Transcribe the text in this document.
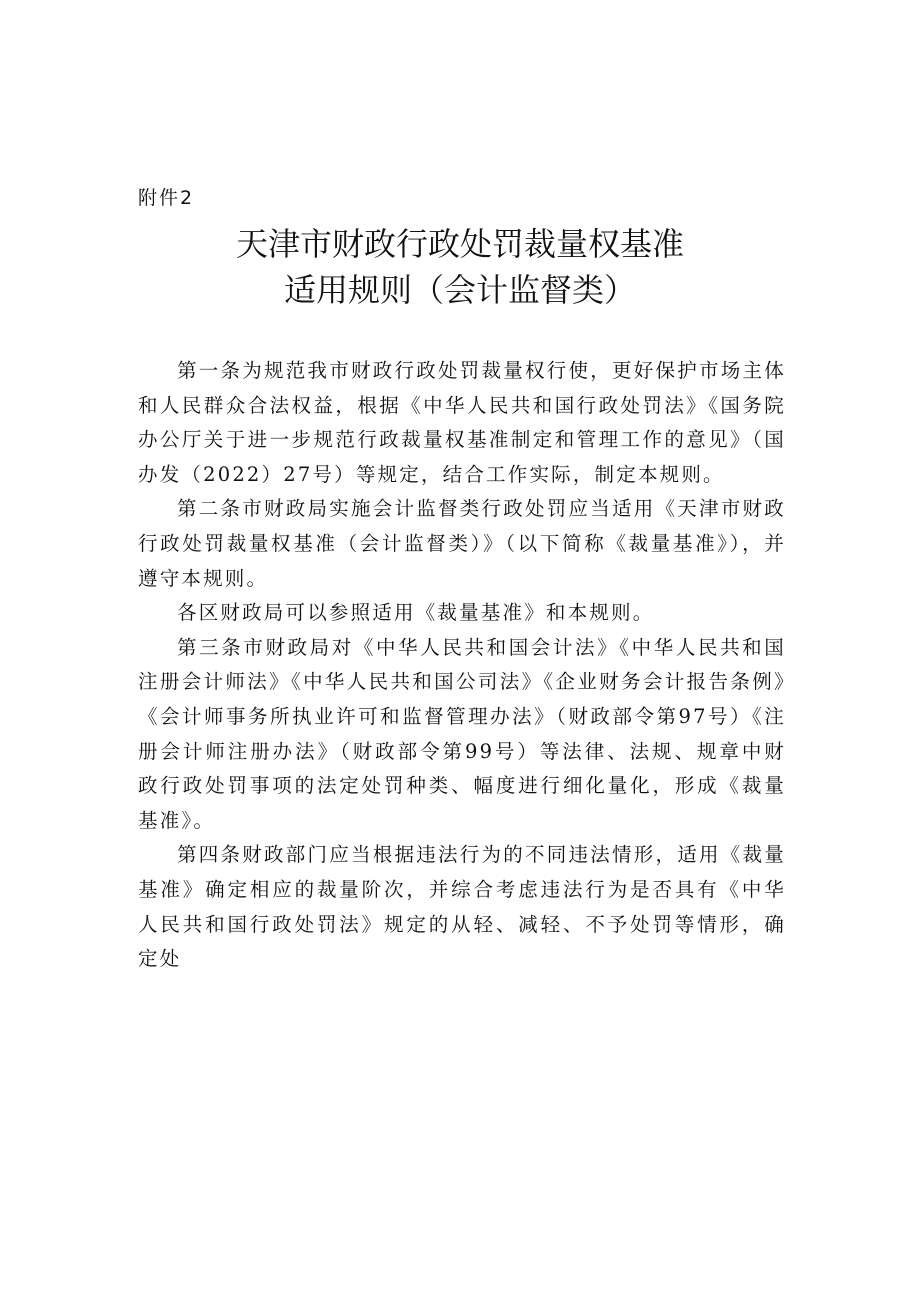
附件2
天津市财政行政处罚裁量权基准
适用规则（会计监督类）

第一条为规范我市财政行政处罚裁量权行使，更好保护市场主体和人民群众合法权益，根据《中华人民共和国行政处罚法》《国务院办公厅关于进一步规范行政裁量权基准制定和管理工作的意见》（国办发（2022）27号）等规定，结合工作实际，制定本规则。

第二条市财政局实施会计监督类行政处罚应当适用《天津市财政行政处罚裁量权基准（会计监督类）》（以下简称《裁量基准》），并遵守本规则。

各区财政局可以参照适用《裁量基准》和本规则。

第三条市财政局对《中华人民共和国会计法》《中华人民共和国注册会计师法》《中华人民共和国公司法》《企业财务会计报告条例》《会计师事务所执业许可和监督管理办法》（财政部令第97号）《注册会计师注册办法》（财政部令第99号）等法律、法规、规章中财政行政处罚事项的法定处罚种类、幅度进行细化量化，形成《裁量基准》。

第四条财政部门应当根据违法行为的不同违法情形，适用《裁量基准》确定相应的裁量阶次，并综合考虑违法行为是否具有《中华人民共和国行政处罚法》规定的从轻、减轻、不予处罚等情形，确定处
